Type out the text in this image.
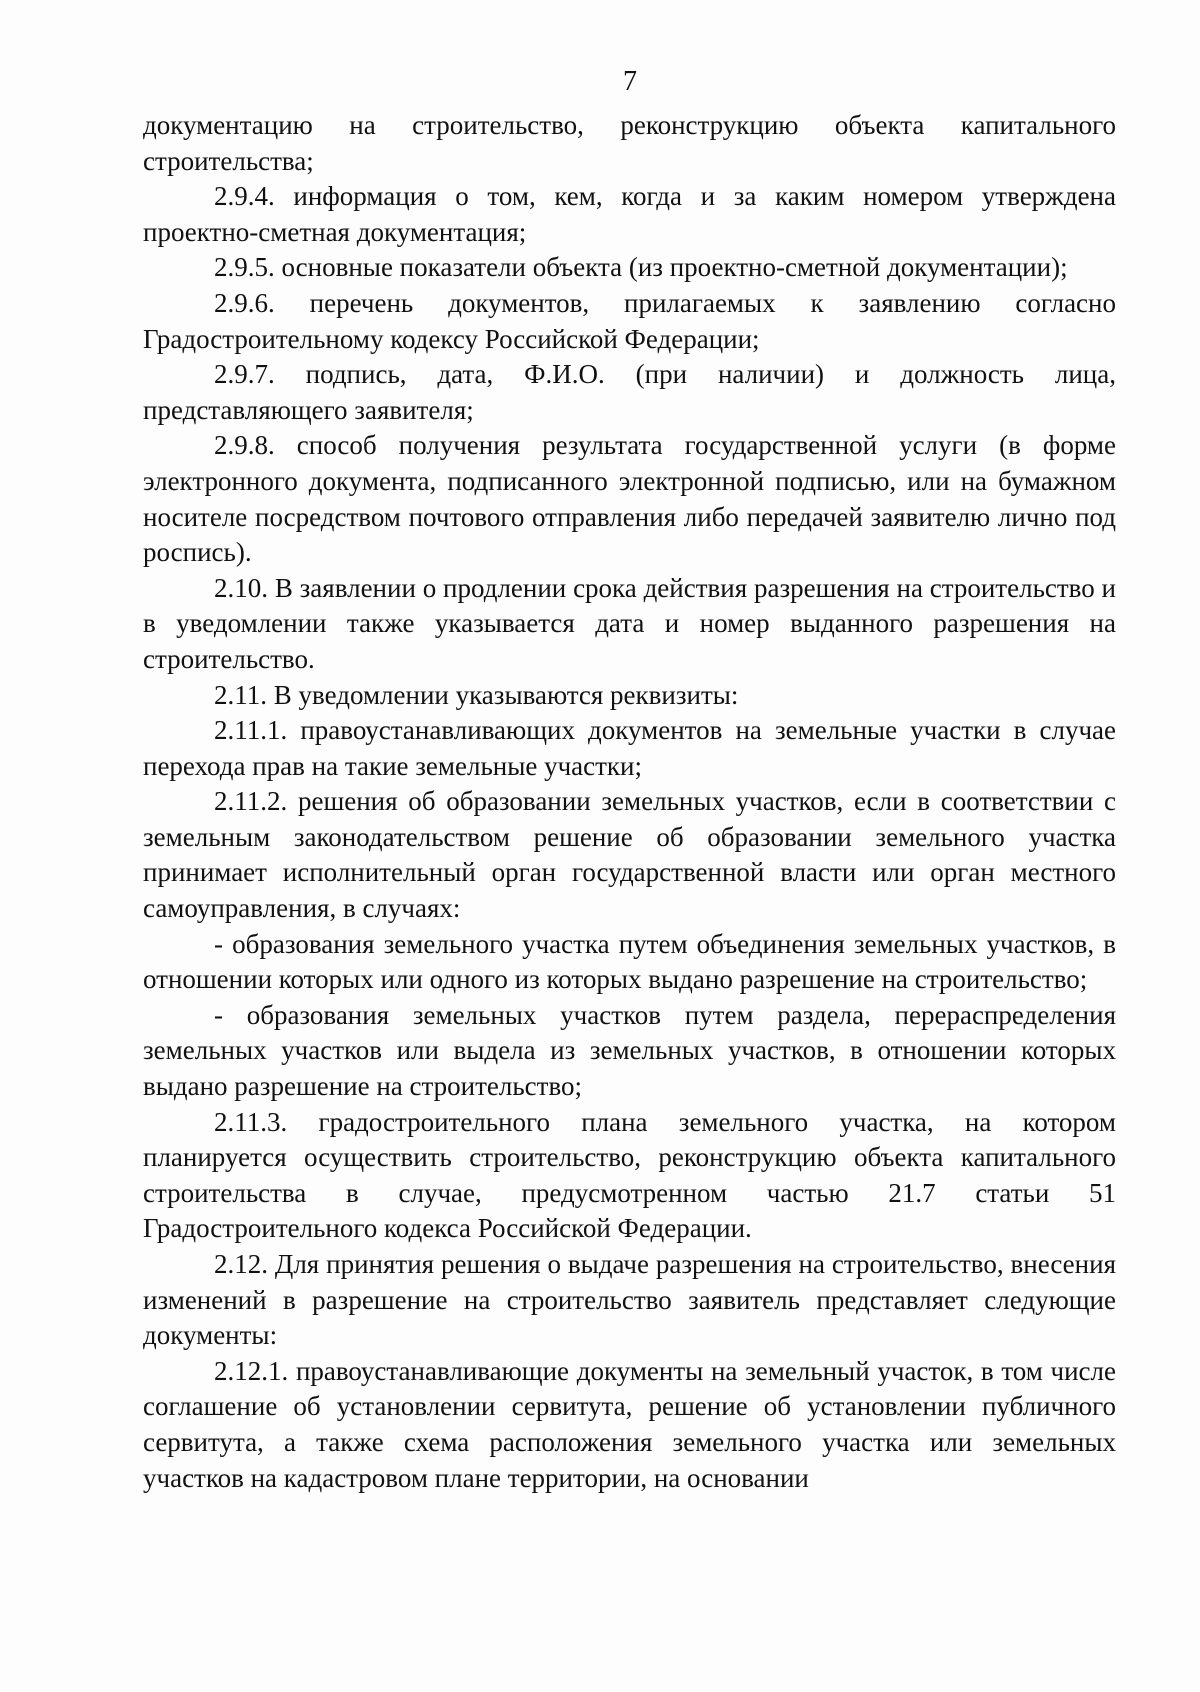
7

документацию на строительство, реконструкцию объекта капитального строительства;

2.9.4. информация о том, кем, когда и за каким номером утверждена проектно-сметная документация;

2.9.5. основные показатели объекта (из проектно-сметной документации);

2.9.6. перечень документов, прилагаемых к заявлению согласно Градостроительному кодексу Российской Федерации;

2.9.7. подпись, дата, Ф.И.О. (при наличии) и должность лица, представляющего заявителя;

2.9.8. способ получения результата государственной услуги (в форме электронного документа, подписанного электронной подписью, или на бумажном носителе посредством почтового отправления либо передачей заявителю лично под роспись).

2.10. В заявлении о продлении срока действия разрешения на строительство и в уведомлении также указывается дата и номер выданного разрешения на строительство.

2.11. В уведомлении указываются реквизиты:

2.11.1. правоустанавливающих документов на земельные участки в случае перехода прав на такие земельные участки;

2.11.2. решения об образовании земельных участков, если в соответствии с земельным законодательством решение об образовании земельного участка принимает исполнительный орган государственной власти или орган местного самоуправления, в случаях:

- образования земельного участка путем объединения земельных участков, в отношении которых или одного из которых выдано разрешение на строительство;

- образования земельных участков путем раздела, перераспределения земельных участков или выдела из земельных участков, в отношении которых выдано разрешение на строительство;

2.11.3. градостроительного плана земельного участка, на котором планируется осуществить строительство, реконструкцию объекта капитального строительства в случае, предусмотренном частью 21.7 статьи 51 Градостроительного кодекса Российской Федерации.

2.12. Для принятия решения о выдаче разрешения на строительство, внесения изменений в разрешение на строительство заявитель представляет следующие документы:

2.12.1. правоустанавливающие документы на земельный участок, в том числе соглашение об установлении сервитута, решение об установлении публичного сервитута, а также схема расположения земельного участка или земельных участков на кадастровом плане территории, на основании
